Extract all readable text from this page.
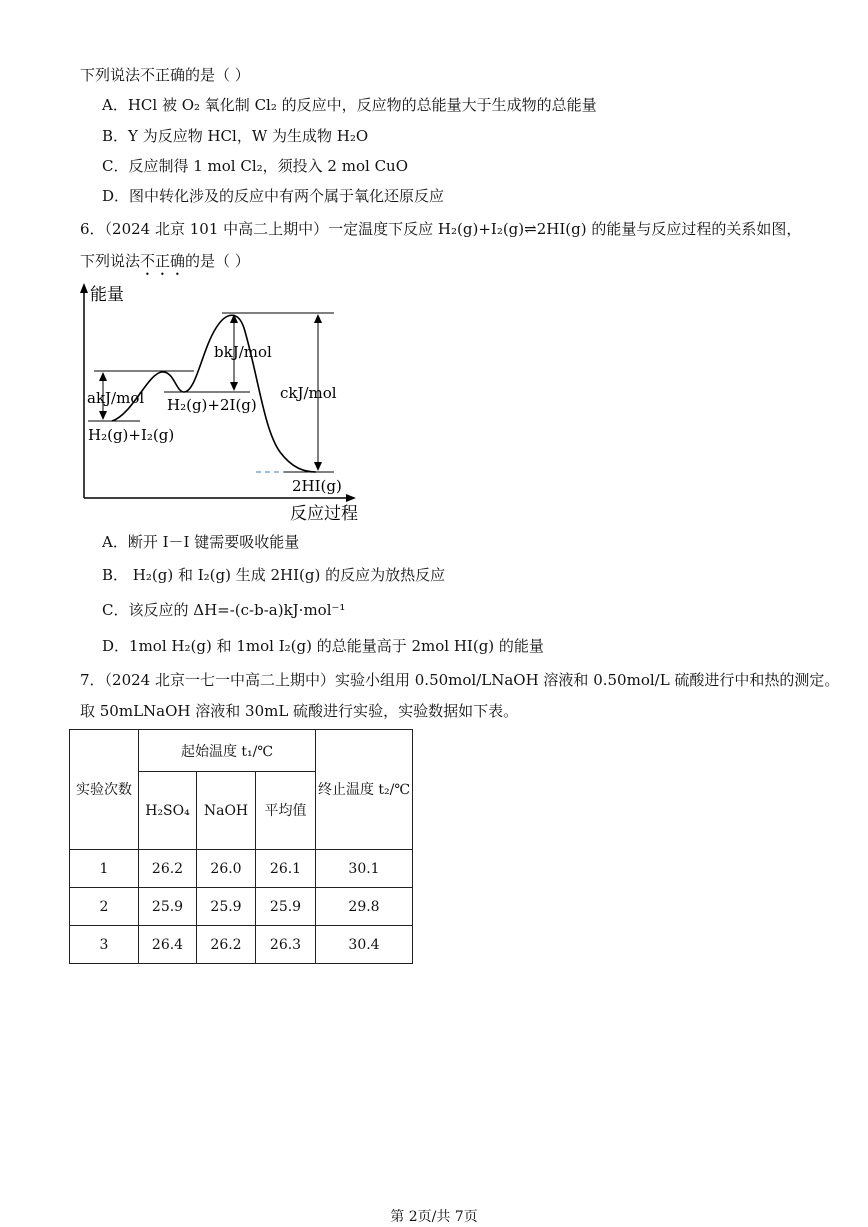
下列说法不正确的是（ ）
A．HCl 被 O₂ 氧化制 Cl₂ 的反应中，反应物的总能量大于生成物的总能量
B．Y 为反应物 HCl，W 为生成物 H₂O
C．反应制得 1 mol Cl₂，须投入 2 mol CuO
D．图中转化涉及的反应中有两个属于氧化还原反应
6．（2024 北京 101 中高二上期中）一定温度下反应 H₂(g)+I₂(g)⇌2HI(g) 的能量与反应过程的关系如图，
下列说法不正确的是（ ）
能量
反应过程
akJ/mol
bkJ/mol
ckJ/mol
H₂(g)+I₂(g)
H₂(g)+2I(g)
2HI(g)
A．断开 I－I 键需要吸收能量
B． H₂(g) 和 I₂(g) 生成 2HI(g) 的反应为放热反应
C．该反应的 ΔH=-(c-b-a)kJ·mol⁻¹
D．1mol H₂(g) 和 1mol I₂(g) 的总能量高于 2mol HI(g) 的能量
7．（2024 北京一七一中高二上期中）实验小组用 0.50mol/LNaOH 溶液和 0.50mol/L 硫酸进行中和热的测定。
取 50mLNaOH 溶液和 30mL 硫酸进行实验，实验数据如下表。
实验次数	起始温度 t₁/℃			终止温度 t₂/℃
	H₂SO₄	NaOH	平均值	
1	26.2	26.0	26.1	30.1
2	25.9	25.9	25.9	29.8
3	26.4	26.2	26.3	30.4
第 2页/共 7页
